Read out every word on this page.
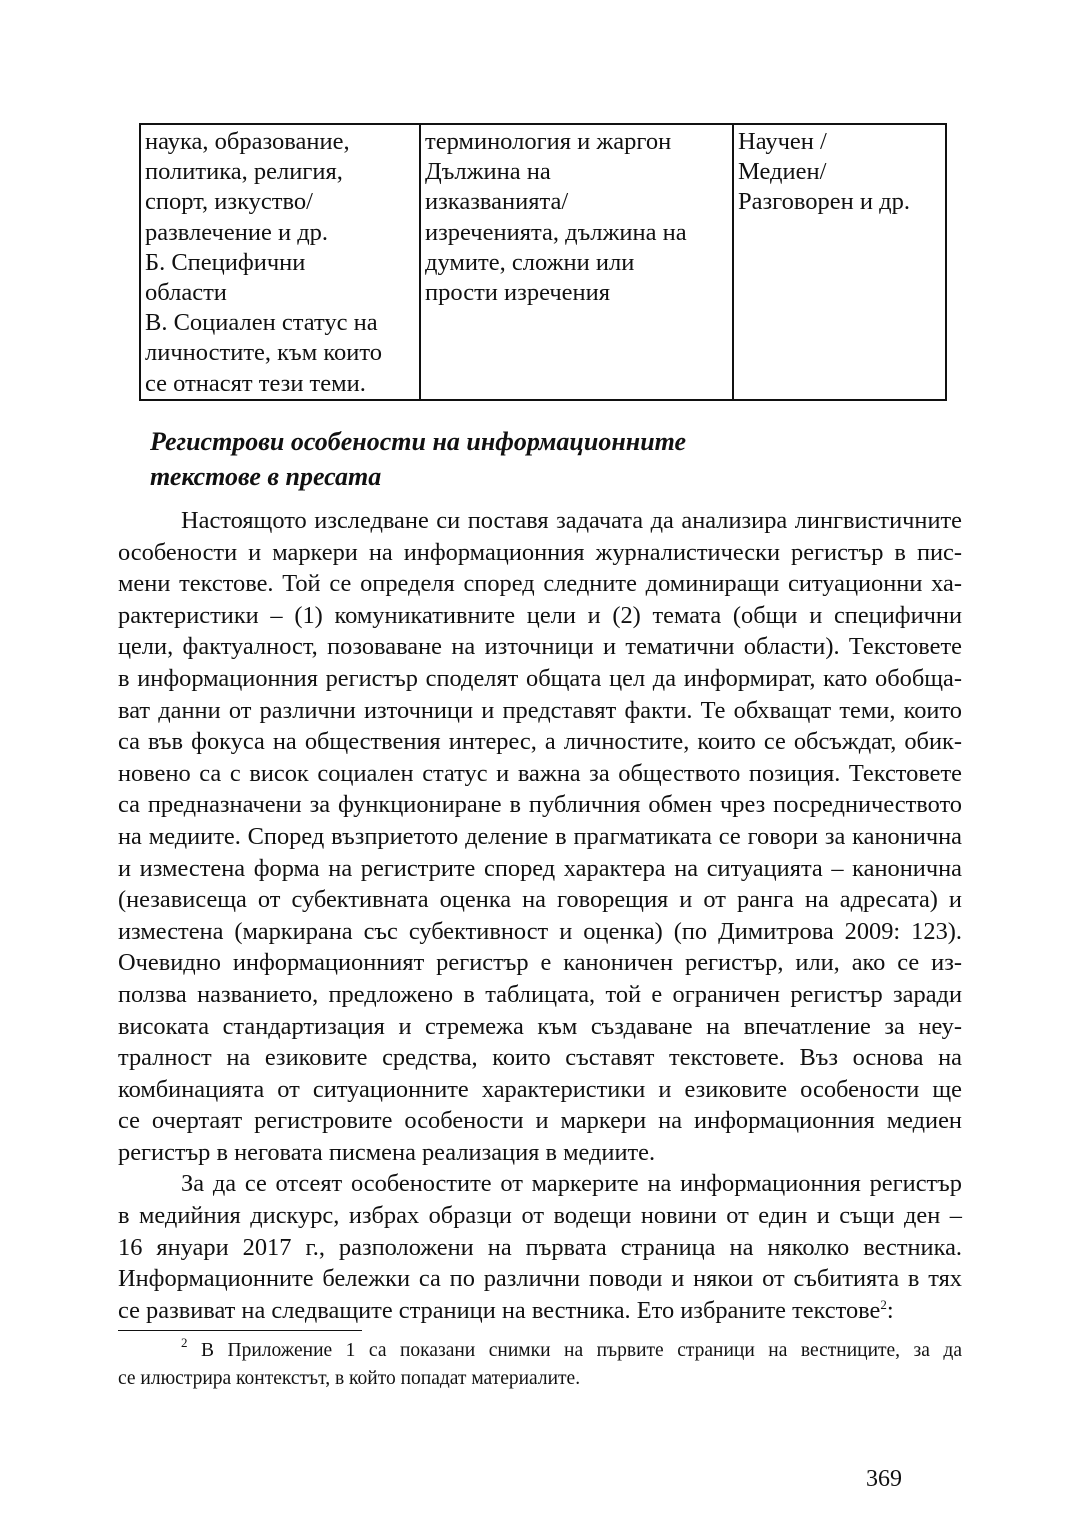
наука, образование,
политика, религия,
спорт, изкуство/
развлечение и др.
Б. Специфични
области
В. Социален статус на
личностите, към които
се отнасят тези теми.

терминология и жаргон
Дължина на
изказванията/
изреченията, дължина на
думите, сложни или
прости изречения

Научен /
Медиен/
Разговорен и др.
Регистрови особености на информационните
текстове в пресата
Настоящото изследване си поставя задачата да анализира лингвистичните
особености и маркери на информационния журналистически регистър в пис-
мени текстове. Той се определя според следните доминиращи ситуационни ха-
рактеристики – (1) комуникативните цели и (2) темата (общи и специфични
цели, фактуалност, позоваване на източници и тематични области). Текстовете
в информационния регистър споделят общата цел да информират, като обобща-
ват данни от различни източници и представят факти. Те обхващат теми, които
са във фокуса на обществения интерес, а личностите, които се обсъждат, обик-
новено са с висок социален статус и важна за обществото позиция. Текстовете
са предназначени за функциониране в публичния обмен чрез посредничеството
на медиите. Според възприетото деление в прагматиката се говори за канонична
и изместена форма на регистрите според характера на ситуацията – канонична
(независеща от субективната оценка на говорещия и от ранга на адресата) и
изместена (маркирана със субективност и оценка) (по Димитрова 2009: 123).
Очевидно информационният регистър е каноничен регистър, или, ако се из-
ползва названието, предложено в таблицата, той е ограничен регистър заради
високата стандартизация и стремежа към създаване на впечатление за неу-
тралност на езиковите средства, които съставят текстовете. Въз основа на
комбинацията от ситуационните характеристики и езиковите особености ще
се очертаят регистровите особености и маркери на информационния медиен
регистър в неговата писмена реализация в медиите.
За да се отсеят особеностите от маркерите на информационния регистър
в медийния дискурс, избрах образци от водещи новини от един и същи ден –
16 януари 2017 г., разположени на първата страница на няколко вестника.
Информационните бележки са по различни поводи и някои от събитията в тях
се развиват на следващите страници на вестника. Ето избраните текстове$^2$:
$^2$ В Приложение 1 са показани снимки на първите страници на вестниците, за да
се илюстрира контекстът, в който попадат материалите.
369
